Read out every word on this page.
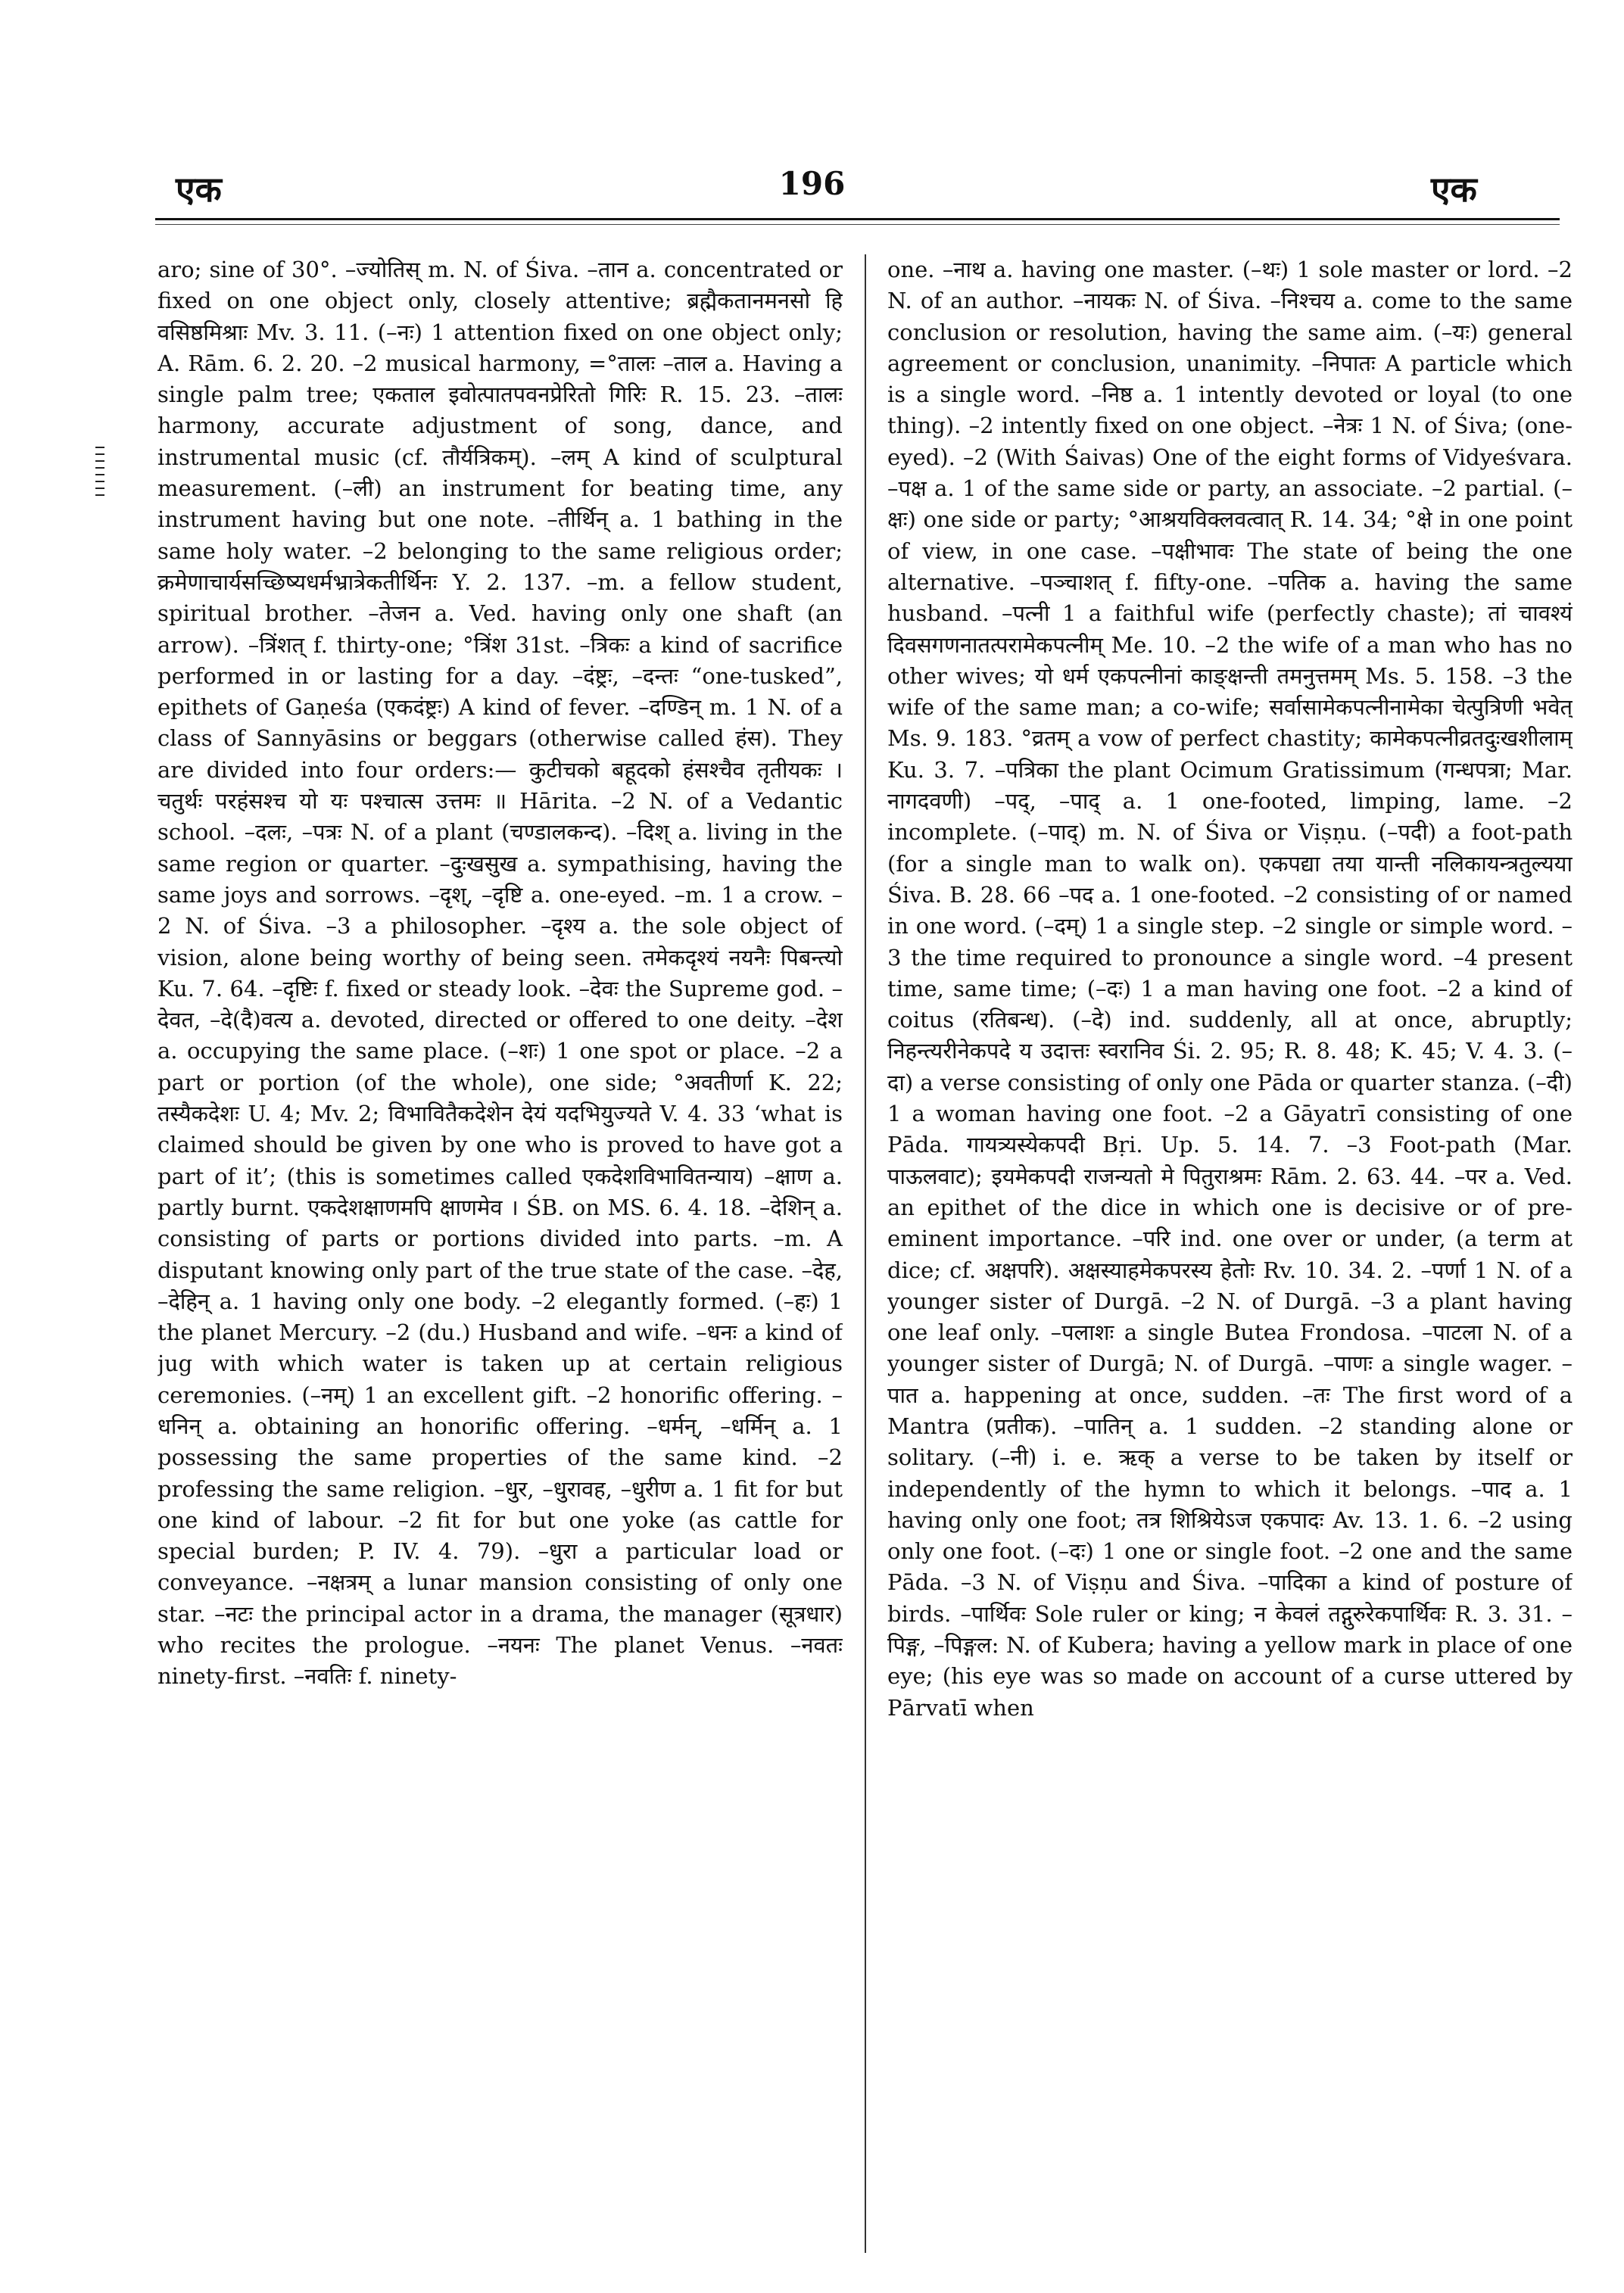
एक	196	एक

aro; sine of 30°. –ज्योतिस् m. N. of Śiva. –तान a. concentrated or fixed on one object only, closely attentive; ब्रह्मैकतानमनसो हि वसिष्ठमिश्राः Mv. 3. 11. (–नः) 1 attention fixed on one object only; A. Rām. 6. 2. 20. –2 musical harmony, =°तालः –ताल a. Having a single palm tree; एकताल इवोत्पातपवनप्रेरितो गिरिः R. 15. 23. –तालः harmony, accurate adjustment of song, dance, and instrumental music (cf. तौर्यत्रिकम्). –लम् A kind of sculptural measurement. (–ली) an instrument for beating time, any instrument having but one note. –तीर्थिन् a. 1 bathing in the same holy water. –2 belonging to the same religious order; क्रमेणाचार्यसच्छिष्यधर्मभ्रात्रेकतीर्थिनः Y. 2. 137. –m. a fellow student, spiritual brother. –तेजन a. Ved. having only one shaft (an arrow). –त्रिंशत् f. thirty-one; °त्रिंश 31st. –त्रिकः a kind of sacrifice performed in or lasting for a day. –दंष्ट्रः, –दन्तः “one-tusked”, epithets of Gaṇeśa (एकदंष्ट्रः) A kind of fever. –दण्डिन् m. 1 N. of a class of Sannyāsins or beggars (otherwise called हंस). They are divided into four orders:— कुटीचको बहूदको हंसश्चैव तृतीयकः । चतुर्थः परहंसश्च यो यः पश्चात्स उत्तमः ॥ Hārita. –2 N. of a Vedantic school. –दलः, –पत्रः N. of a plant (चण्डालकन्द). –दिश् a. living in the same region or quarter. –दुःखसुख a. sympathising, having the same joys and sorrows. –दृश्, –दृष्टि a. one-eyed. –m. 1 a crow. –2 N. of Śiva. –3 a philosopher. –दृश्य a. the sole object of vision, alone being worthy of being seen. तमेकदृश्यं नयनैः पिबन्त्यो Ku. 7. 64. –दृष्टिः f. fixed or steady look. –देवः the Supreme god. –देवत, –दे(दै)वत्य a. devoted, directed or offered to one deity. –देश a. occupying the same place. (–शः) 1 one spot or place. –2 a part or portion (of the whole), one side; °अवतीर्णा K. 22; तस्यैकदेशः U. 4; Mv. 2; विभावितैकदेशेन देयं यदभियुज्यते V. 4. 33 ‘what is claimed should be given by one who is proved to have got a part of it’; (this is sometimes called एकदेशविभावितन्याय) –क्षाण a. partly burnt. एकदेशक्षाणमपि क्षाणमेव । ŚB. on MS. 6. 4. 18. –देशिन् a. consisting of parts or portions divided into parts. –m. A disputant knowing only part of the true state of the case. –देह, –देहिन् a. 1 having only one body. –2 elegantly formed. (–हः) 1 the planet Mercury. –2 (du.) Husband and wife. –धनः a kind of jug with which water is taken up at certain religious ceremonies. (–नम्) 1 an excellent gift. –2 honorific offering. –धनिन् a. obtaining an honorific offering. –धर्मन्, –धर्मिन् a. 1 possessing the same properties of the same kind. –2 professing the same religion. –धुर, –धुरावह, –धुरीण a. 1 fit for but one kind of labour. –2 fit for but one yoke (as cattle for special burden; P. IV. 4. 79). –धुरा a particular load or conveyance. –नक्षत्रम् a lunar mansion consisting of only one star. –नटः the principal actor in a drama, the manager (सूत्रधार) who recites the prologue. –नयनः The planet Venus. –नवतः ninety-first. –नवतिः f. ninety-

one. –नाथ a. having one master. (–थः) 1 sole master or lord. –2 N. of an author. –नायकः N. of Śiva. –निश्चय a. come to the same conclusion or resolution, having the same aim. (–यः) general agreement or conclusion, unanimity. –निपातः A particle which is a single word. –निष्ठ a. 1 intently devoted or loyal (to one thing). –2 intently fixed on one object. –नेत्रः 1 N. of Śiva; (one-eyed). –2 (With Śaivas) One of the eight forms of Vidyeśvara. –पक्ष a. 1 of the same side or party, an associate. –2 partial. (–क्षः) one side or party; °आश्रयविक्लवत्वात् R. 14. 34; °क्षे in one point of view, in one case. –पक्षीभावः The state of being the one alternative. –पञ्चाशत् f. fifty-one. –पतिक a. having the same husband. –पत्नी 1 a faithful wife (perfectly chaste); तां चावश्यं दिवसगणनातत्परामेकपत्नीम् Me. 10. –2 the wife of a man who has no other wives; यो धर्म एकपत्नीनां काङ्क्षन्ती तमनुत्तमम् Ms. 5. 158. –3 the wife of the same man; a co-wife; सर्वासामेकपत्नीनामेका चेत्पुत्रिणी भवेत् Ms. 9. 183. °व्रतम् a vow of perfect chastity; कामेकपत्नीव्रतदुःखशीलाम् Ku. 3. 7. –पत्रिका the plant Ocimum Gratissimum (गन्धपत्रा; Mar. नागदवणी) –पद्, –पाद् a. 1 one-footed, limping, lame. –2 incomplete. (–पाद्) m. N. of Śiva or Viṣṇu. (–पदी) a foot-path (for a single man to walk on). एकपद्या तया यान्ती नलिकायन्त्रतुल्यया Śiva. B. 28. 66 –पद a. 1 one-footed. –2 consisting of or named in one word. (–दम्) 1 a single step. –2 single or simple word. –3 the time required to pronounce a single word. –4 present time, same time; (–दः) 1 a man having one foot. –2 a kind of coitus (रतिबन्ध). (–दे) ind. suddenly, all at once, abruptly; निहन्त्यरीनेकपदे य उदात्तः स्वरानिव Śi. 2. 95; R. 8. 48; K. 45; V. 4. 3. (–दा) a verse consisting of only one Pāda or quarter stanza. (–दी) 1 a woman having one foot. –2 a Gāyatrī consisting of one Pāda. गायत्र्यस्येकपदी Bṛi. Up. 5. 14. 7. –3 Foot-path (Mar. पाऊलवाट); इयमेकपदी राजन्यतो मे पितुराश्रमः Rām. 2. 63. 44. –पर a. Ved. an epithet of the dice in which one is decisive or of pre-eminent importance. –परि ind. one over or under, (a term at dice; cf. अक्षपरि). अक्षस्याहमेकपरस्य हेतोः Rv. 10. 34. 2. –पर्णा 1 N. of a younger sister of Durgā. –2 N. of Durgā. –3 a plant having one leaf only. –पलाशः a single Butea Frondosa. –पाटला N. of a younger sister of Durgā; N. of Durgā. –पाणः a single wager. –पात a. happening at once, sudden. –तः The first word of a Mantra (प्रतीक). –पातिन् a. 1 sudden. –2 standing alone or solitary. (–नी) i. e. ऋक् a verse to be taken by itself or independently of the hymn to which it belongs. –पाद a. 1 having only one foot; तत्र शिश्रियेऽज एकपादः Av. 13. 1. 6. –2 using only one foot. (–दः) 1 one or single foot. –2 one and the same Pāda. –3 N. of Viṣṇu and Śiva. –पादिका a kind of posture of birds. –पार्थिवः Sole ruler or king; न केवलं तद्गुरुरेकपार्थिवः R. 3. 31. –पिङ्ग, –पिङ्गल: N. of Kubera; having a yellow mark in place of one eye; (his eye was so made on account of a curse uttered by Pārvatī when
